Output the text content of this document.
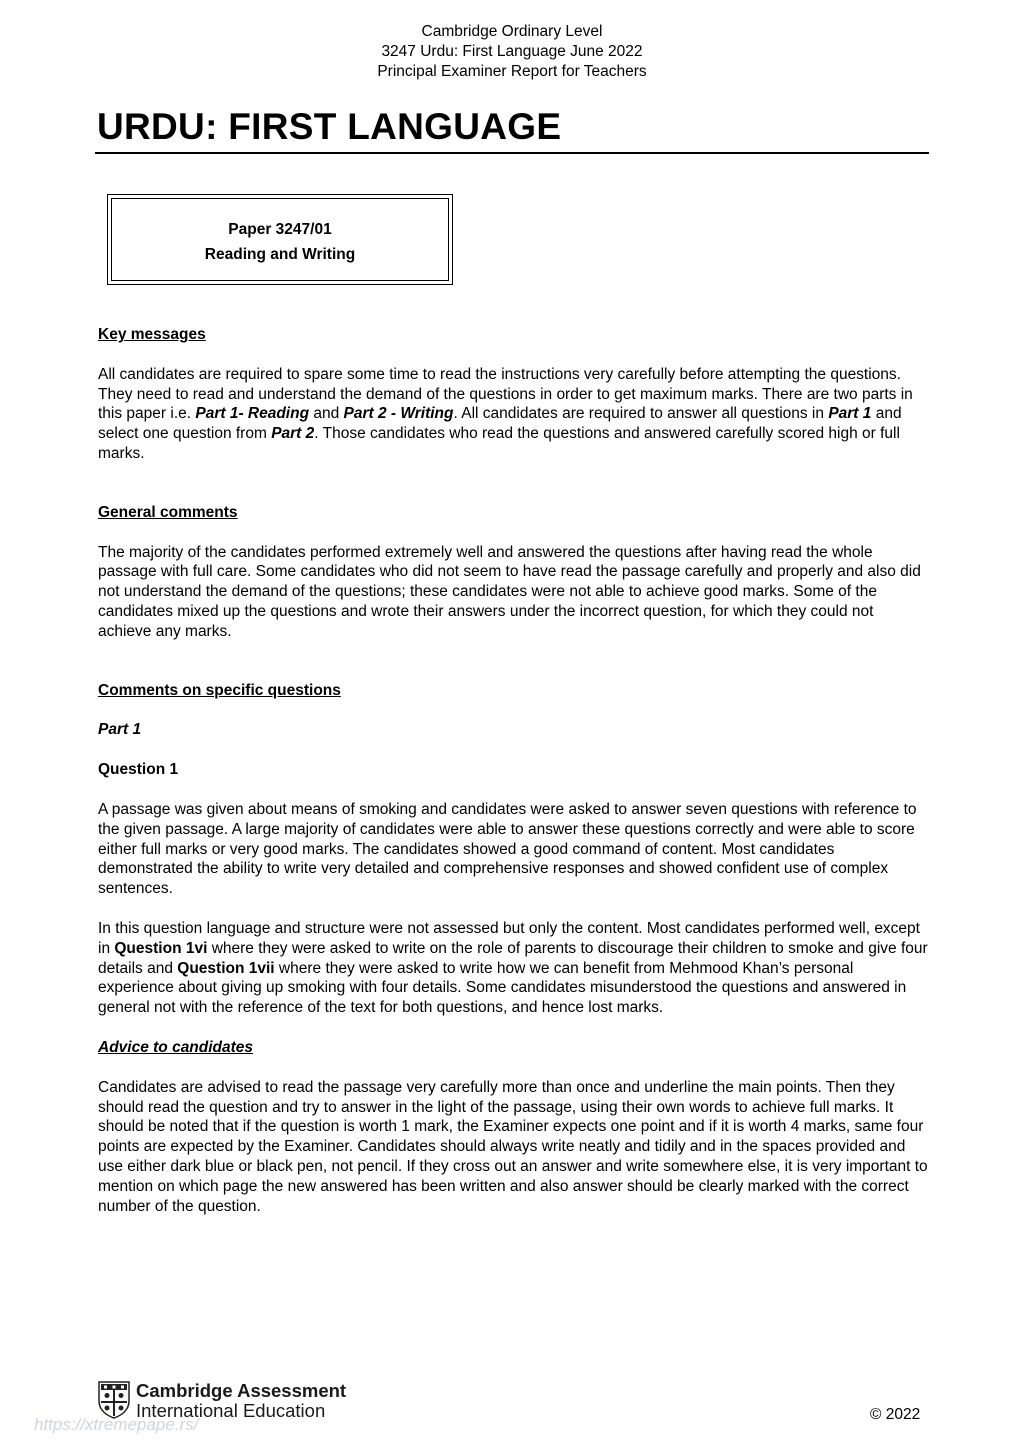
Cambridge Ordinary Level
3247 Urdu: First Language June 2022
Principal Examiner Report for Teachers
URDU: FIRST LANGUAGE
Paper 3247/01
Reading and Writing

Key messages

All candidates are required to spare some time to read the instructions very carefully before attempting the questions. They need to read and understand the demand of the questions in order to get maximum marks. There are two parts in this paper i.e. Part 1- Reading and Part 2 - Writing. All candidates are required to answer all questions in Part 1 and select one question from Part 2. Those candidates who read the questions and answered carefully scored high or full marks.

General comments

The majority of the candidates performed extremely well and answered the questions after having read the whole passage with full care. Some candidates who did not seem to have read the passage carefully and properly and also did not understand the demand of the questions; these candidates were not able to achieve good marks. Some of the candidates mixed up the questions and wrote their answers under the incorrect question, for which they could not achieve any marks.

Comments on specific questions

Part 1

Question 1

A passage was given about means of smoking and candidates were asked to answer seven questions with reference to the given passage. A large majority of candidates were able to answer these questions correctly and were able to score either full marks or very good marks. The candidates showed a good command of content. Most candidates demonstrated the ability to write very detailed and comprehensive responses and showed confident use of complex sentences.

In this question language and structure were not assessed but only the content. Most candidates performed well, except in Question 1vi where they were asked to write on the role of parents to discourage their children to smoke and give four details and Question 1vii where they were asked to write how we can benefit from Mehmood Khan’s personal experience about giving up smoking with four details. Some candidates misunderstood the questions and answered in general not with the reference of the text for both questions, and hence lost marks.

Advice to candidates

Candidates are advised to read the passage very carefully more than once and underline the main points. Then they should read the question and try to answer in the light of the passage, using their own words to achieve full marks. It should be noted that if the question is worth 1 mark, the Examiner expects one point and if it is worth 4 marks, same four points are expected by the Examiner. Candidates should always write neatly and tidily and in the spaces provided and use either dark blue or black pen, not pencil. If they cross out an answer and write somewhere else, it is very important to mention on which page the new answered has been written and also answer should be clearly marked with the correct number of the question.

Cambridge Assessment
International Education	© 2022
https://xtremepape.rs/
